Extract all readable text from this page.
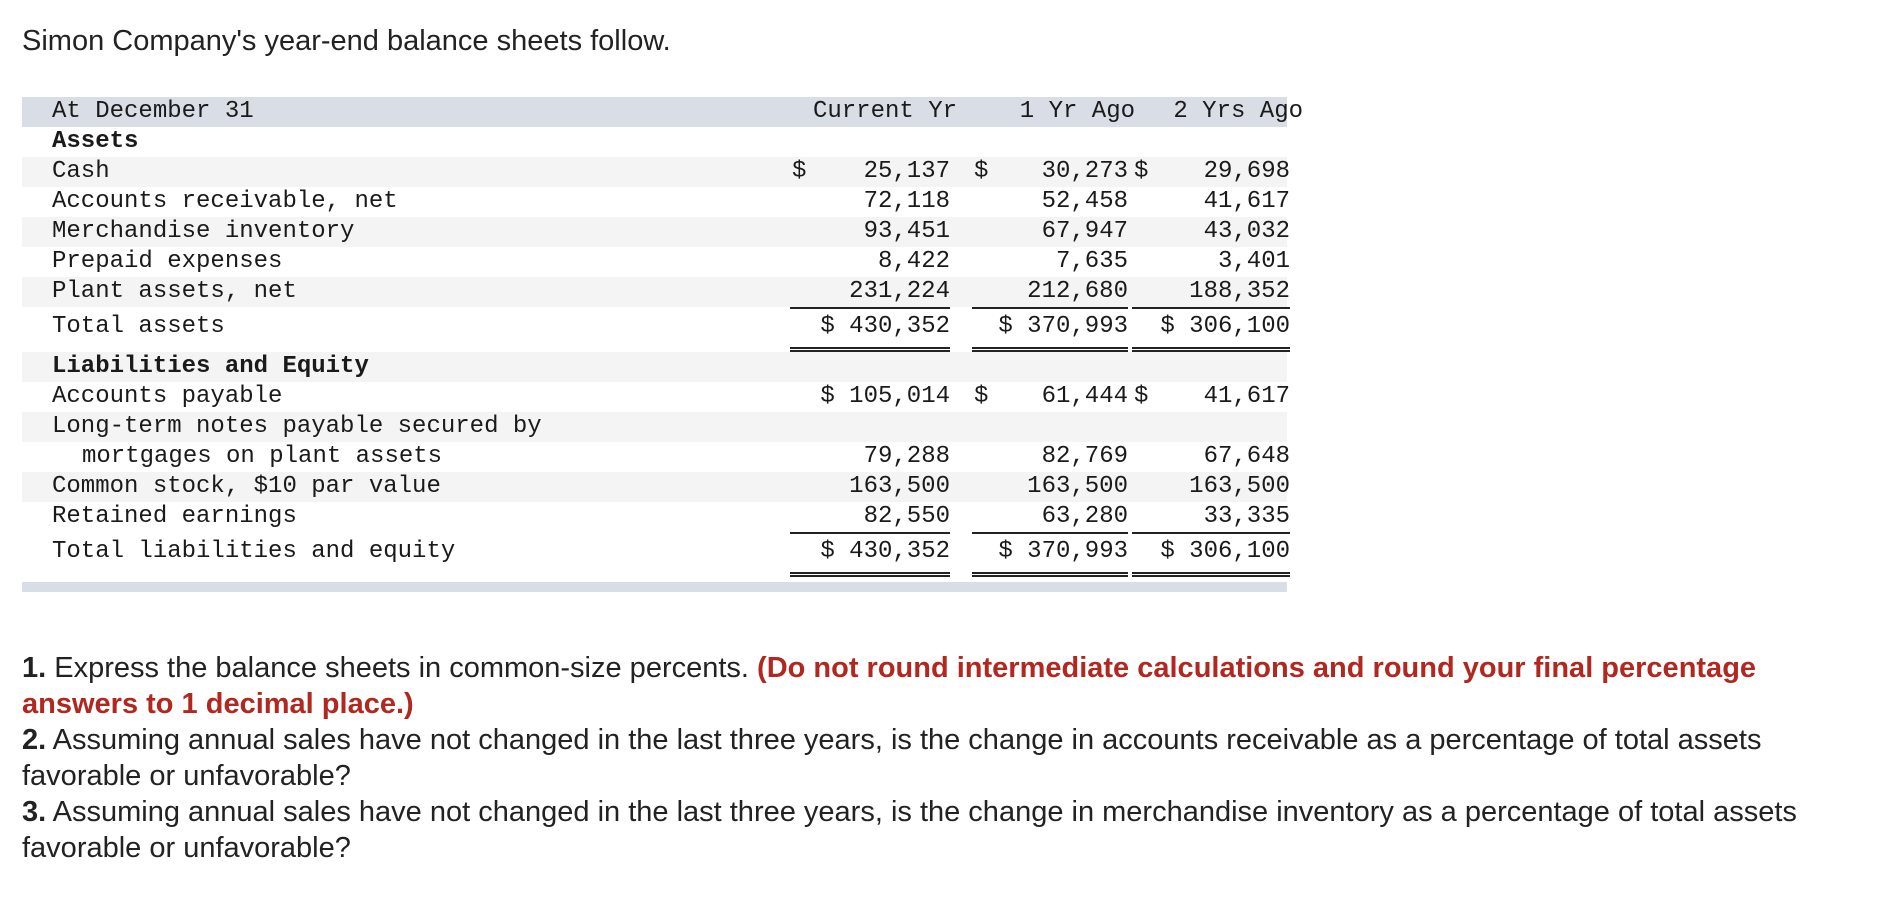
Simon Company's year-end balance sheets follow.

At December 31	Current Yr	1 Yr Ago	2 Yrs Ago
Assets
Cash	$ 25,137 $ 30,273 $ 29,698
Accounts receivable, net	72,118	52,458	41,617
Merchandise inventory	93,451	67,947	43,032
Prepaid expenses	8,422	7,635	3,401
Plant assets, net	231,224	212,680	188,352
Total assets	$ 430,352 $ 370,993 $ 306,100
Liabilities and Equity
Accounts payable	$ 105,014 $ 61,444 $ 41,617
Long-term notes payable secured by
mortgages on plant assets	79,288	82,769	67,648
Common stock, $10 par value	163,500	163,500	163,500
Retained earnings	82,550	63,280	33,335
Total liabilities and equity	$ 430,352 $ 370,993 $ 306,100

1. Express the balance sheets in common-size percents. (Do not round intermediate calculations and round your final percentage answers to 1 decimal place.)

2. Assuming annual sales have not changed in the last three years, is the change in accounts receivable as a percentage of total assets favorable or unfavorable?

3. Assuming annual sales have not changed in the last three years, is the change in merchandise inventory as a percentage of total assets favorable or unfavorable?
